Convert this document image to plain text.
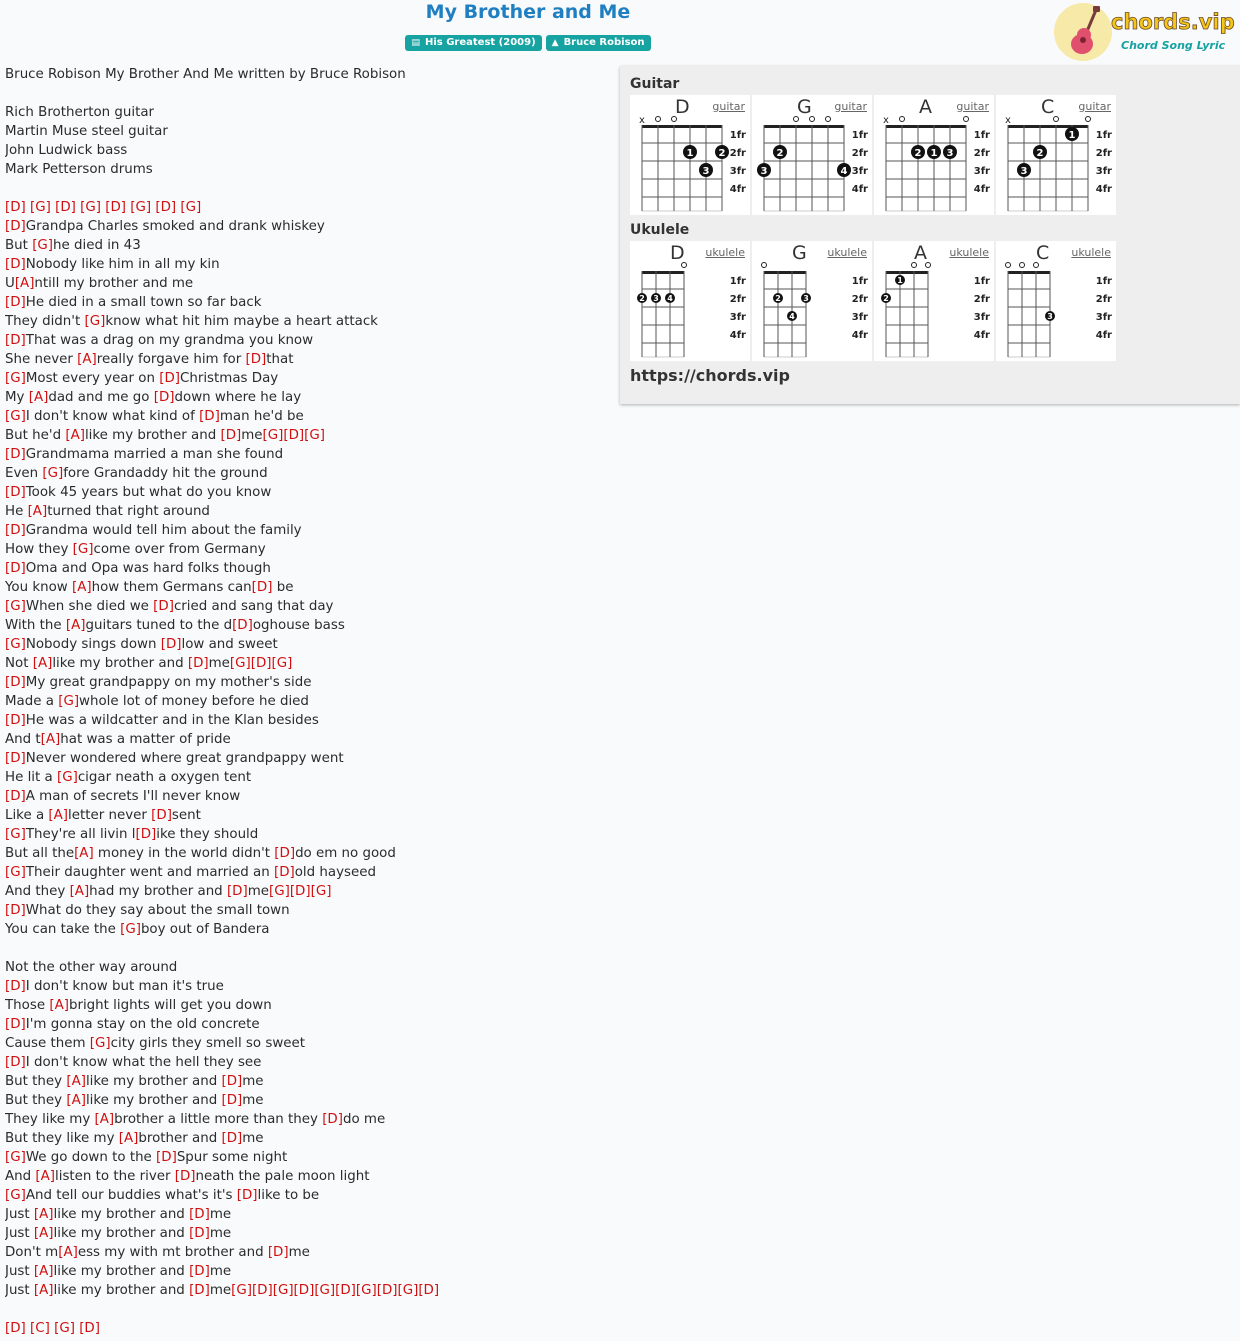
My Brother and Me
▤ His Greatest (2009) ▲ Bruce Robison
chords.vip
Chord Song Lyric
Bruce Robison My Brother And Me written by Bruce Robison
Rich Brotherton guitar
Martin Muse steel guitar
John Ludwick bass
Mark Petterson drums
[D] [G] [D] [G] [D] [G] [D] [G]
[D]Grandpa Charles smoked and drank whiskey
But [G]he died in 43
[D]Nobody like him in all my kin
U[A]ntill my brother and me
[D]He died in a small town so far back
They didn't [G]know what hit him maybe a heart attack
[D]That was a drag on my grandma you know
She never [A]really forgave him for [D]that
[G]Most every year on [D]Christmas Day
My [A]dad and me go [D]down where he lay
[G]I don't know what kind of [D]man he'd be
But he'd [A]like my brother and [D]me[G][D][G]
[D]Grandmama married a man she found
Even [G]fore Grandaddy hit the ground
[D]Took 45 years but what do you know
He [A]turned that right around
[D]Grandma would tell him about the family
How they [G]come over from Germany
[D]Oma and Opa was hard folks though
You know [A]how them Germans can[D] be
[G]When she died we [D]cried and sang that day
With the [A]guitars tuned to the d[D]oghouse bass
[G]Nobody sings down [D]low and sweet
Not [A]like my brother and [D]me[G][D][G]
[D]My great grandpappy on my mother's side
Made a [G]whole lot of money before he died
[D]He was a wildcatter and in the Klan besides
And t[A]hat was a matter of pride
[D]Never wondered where great grandpappy went
He lit a [G]cigar neath a oxygen tent
[D]A man of secrets I'll never know
Like a [A]letter never [D]sent
[G]They're all livin l[D]ike they should
But all the[A] money in the world didn't [D]do em no good
[G]Their daughter went and married an [D]old hayseed
And they [A]had my brother and [D]me[G][D][G]
[D]What do they say about the small town
You can take the [G]boy out of Bandera
Not the other way around
[D]I don't know but man it's true
Those [A]bright lights will get you down
[D]I'm gonna stay on the old concrete
Cause them [G]city girls they smell so sweet
[D]I don't know what the hell they see
But they [A]like my brother and [D]me
But they [A]like my brother and [D]me
They like my [A]brother a little more than they [D]do me
But they like my [A]brother and [D]me
[G]We go down to the [D]Spur some night
And [A]listen to the river [D]neath the pale moon light
[G]And tell our buddies what's it's [D]like to be
Just [A]like my brother and [D]me
Just [A]like my brother and [D]me
Don't m[A]ess my with mt brother and [D]me
Just [A]like my brother and [D]me
Just [A]like my brother and [D]me[G][D][G][D][G][D][G][D][G][D]
[D] [C] [G] [D]
Guitar
x
1	2
3
1fr
2fr
3fr
4fr
D guitar
2
3	4
1fr
2fr
3fr
4fr
G guitar
x
2 1 3
1fr
2fr
3fr
4fr
A guitar
x
1
2
3
1fr
2fr
3fr
4fr
C guitar
Ukulele
2 3 4
1fr
2fr
3fr
4fr
D ukulele
2	3
4
1fr
2fr
3fr
4fr
G ukulele
2
1	1fr
2fr
3fr
4fr
A ukulele
3
1fr
2fr
3fr
4fr
C ukulele
https://chords.vip
